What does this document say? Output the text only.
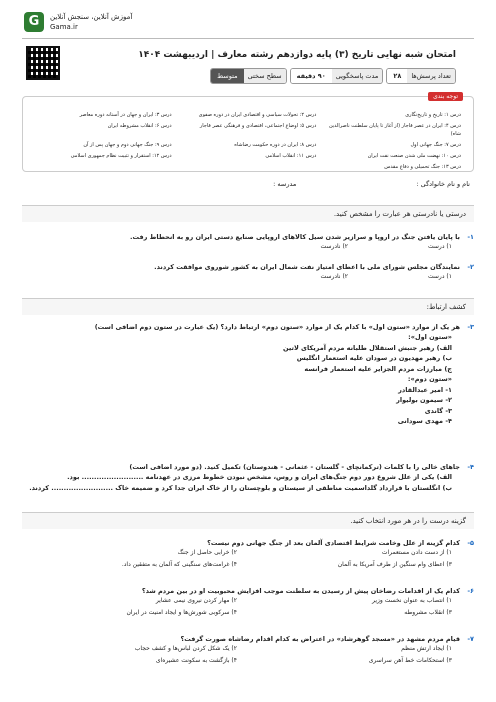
G	آموزش آنلاین، سنجش آنلاین
Gama.ir
امتحان شبه نهایی تاریخ (۳) پایه دوازدهم رشته معارف | اردیبهشت ۱۴۰۴
تعداد پرسش‌ها
۲۸
مدت پاسخگویی
۹۰ دقیقه
سطح سختی
متوسط
توجه بندی
درس ۱: تاریخ و تاریخ‌نگاری
درس ۲: تحولات سیاسی و اقتصادی ایران در دوره صفوی
درس ۳: ایران و جهان در آستانه دوره معاصر
درس ۴: ایران در عصر قاجار (از آغاز تا پایان سلطنت ناصرالدین شاه)
درس ۵: اوضاع اجتماعی، اقتصادی و فرهنگی عصر قاجار
درس ۶: انقلاب مشروطه ایران
درس ۷: جنگ جهانی اول
درس ۸: ایران در دوره حکومت رضاشاه
درس ۹: جنگ جهانی دوم و جهان پس از آن
درس ۱۰: نهضت ملی شدن صنعت نفت ایران
درس ۱۱: انقلاب اسلامی
درس ۱۲: استقرار و تثبیت نظام جمهوری اسلامی
درس ۱۳: جنگ تحمیلی و دفاع مقدس
نام و نام خانوادگی :
مدرسه :
درستی یا نادرستی هر عبارت را مشخص کنید.
۱-
با پایان یافتن جنگ در اروپا و سرازیر شدن سیل کالاهای اروپایی صنایع دستی ایران رو به انحطاط رفت.
۱) درست
۲) نادرست
۲-
نمایندگان مجلس شورای ملی با اعطای امتیاز نفت شمال ایران به کشور شوروی موافقت کردند.
۱) درست
۲) نادرست
کشف ارتباط:
۳-
هر یک از موارد «ستون اول» با کدام یک از موارد «ستون دوم» ارتباط دارد؟ (یک عبارت در ستون دوم اضافی است)

«ستون اول»:

الف) رهبر جنبش استقلال طلبانه مردم آمریکای لاتین

ب) رهبر مهدیون در سودان علیه استعمار انگلیس

ج) مبارزات مردم الجزایر علیه استعمار فرانسه

«ستون دوم»:

۱- امیر عبدالقادر

۲- سیمون بولیوار

۳- گاندی

۴- مهدی سودانی

۴-
جاهای خالی را با کلمات (ترکمانچای - گلستان - عثمانی - هندوستان) تکمیل کنید. (دو مورد اضافی است)

الف) یکی از علل شروع دور دوم جنگ‌های ایران و روس، مشخص نبودن خطوط مرزی در عهدنامه ......................... بود.

ب) انگلستان با قرارداد گلداسمیت مناطقی از سیستان و بلوچستان را از خاک ایران جدا کرد و ضمیمه خاک ......................... کردند.

گزینه درست را در هر مورد انتخاب کنید.
۵-
کدام گزینه از علل وخامت شرایط اقتصادی آلمان بعد از جنگ جهانی دوم نیست؟
۱) از دست دادن مستعمرات
۲) خرابی حاصل از جنگ
۳) اعطای وام سنگین از طرف آمریکا به آلمان
۴) غرامت‌های سنگینی که آلمان به متفقین داد.
۶-
کدام یک از اقدامات رضاخان پیش از رسیدن به سلطنت موجب افزایش محبوبیت او در بین مردم شد؟
۱) انتصاب به عنوان نخست وزیر
۲) مهار کردن نیروی نیمی عشایر
۳) انقلاب مشروطه
۴) سرکوبی شورش‌ها و ایجاد امنیت در ایران
۷-
قیام مردم مشهد در «مسجد گوهرشاد» در اعتراض به کدام اقدام رضاشاه صورت گرفت؟
۱) ایجاد ارتش منظم
۲) یک شکل کردن لباس‌ها و کشف حجاب
۳) استحکامات خط آهن سراسری
۴) بازگشت به سکونت عشیره‌ای
